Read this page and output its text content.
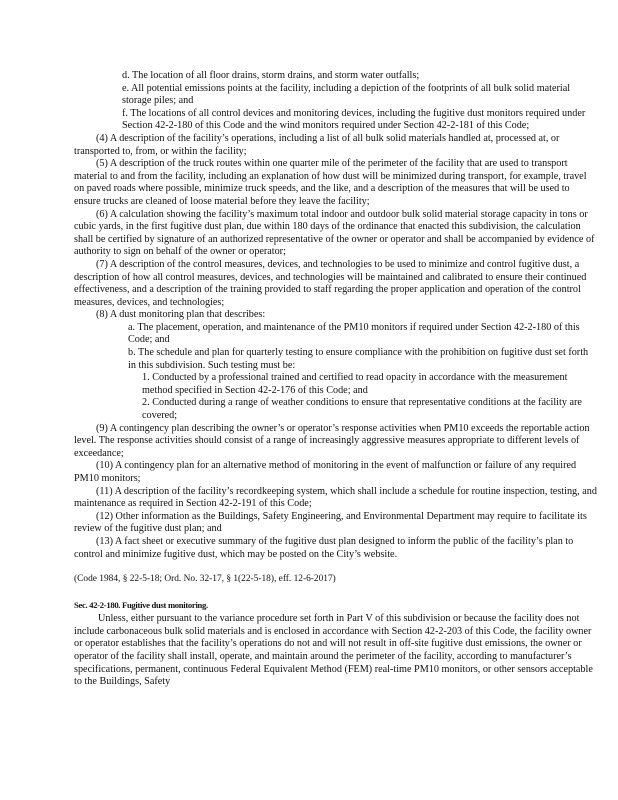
d. The location of all floor drains, storm drains, and storm water outfalls;

e. All potential emissions points at the facility, including a depiction of the footprints of all bulk solid material storage piles; and

f. The locations of all control devices and monitoring devices, including the fugitive dust monitors required under Section 42-2-180 of this Code and the wind monitors required under Section 42-2-181 of this Code;

(4) A description of the facility’s operations, including a list of all bulk solid materials handled at, processed at, or transported to, from, or within the facility;

(5) A description of the truck routes within one quarter mile of the perimeter of the facility that are used to transport material to and from the facility, including an explanation of how dust will be minimized during transport, for example, travel on paved roads where possible, minimize truck speeds, and the like, and a description of the measures that will be used to ensure trucks are cleaned of loose material before they leave the facility;

(6) A calculation showing the facility’s maximum total indoor and outdoor bulk solid material storage capacity in tons or cubic yards, in the first fugitive dust plan, due within 180 days of the ordinance that enacted this subdivision, the calculation shall be certified by signature of an authorized representative of the owner or operator and shall be accompanied by evidence of authority to sign on behalf of the owner or operator;

(7) A description of the control measures, devices, and technologies to be used to minimize and control fugitive dust, a description of how all control measures, devices, and technologies will be maintained and calibrated to ensure their continued effectiveness, and a description of the training provided to staff regarding the proper application and operation of the control measures, devices, and technologies;

(8) A dust monitoring plan that describes:

a. The placement, operation, and maintenance of the PM10 monitors if required under Section 42-2-180 of this Code; and

b. The schedule and plan for quarterly testing to ensure compliance with the prohibition on fugitive dust set forth in this subdivision. Such testing must be:

1. Conducted by a professional trained and certified to read opacity in accordance with the measurement method specified in Section 42-2-176 of this Code; and

2. Conducted during a range of weather conditions to ensure that representative conditions at the facility are covered;

(9) A contingency plan describing the owner’s or operator’s response activities when PM10 exceeds the reportable action level. The response activities should consist of a range of increasingly aggressive measures appropriate to different levels of exceedance;

(10) A contingency plan for an alternative method of monitoring in the event of malfunction or failure of any required PM10 monitors;

(11) A description of the facility’s recordkeeping system, which shall include a schedule for routine inspection, testing, and maintenance as required in Section 42-2-191 of this Code;

(12) Other information as the Buildings, Safety Engineering, and Environmental Department may require to facilitate its review of the fugitive dust plan; and

(13) A fact sheet or executive summary of the fugitive dust plan designed to inform the public of the facility’s plan to control and minimize fugitive dust, which may be posted on the City’s website.

(Code 1984, § 22-5-18; Ord. No. 32-17, § 1(22-5-18), eff. 12-6-2017)

Sec. 42-2-180. Fugitive dust monitoring.

Unless, either pursuant to the variance procedure set forth in Part V of this subdivision or because the facility does not include carbonaceous bulk solid materials and is enclosed in accordance with Section 42-2-203 of this Code, the facility owner or operator establishes that the facility’s operations do not and will not result in off-site fugitive dust emissions, the owner or operator of the facility shall install, operate, and maintain around the perimeter of the facility, according to manufacturer’s specifications, permanent, continuous Federal Equivalent Method (FEM) real-time PM10 monitors, or other sensors acceptable to the Buildings, Safety
